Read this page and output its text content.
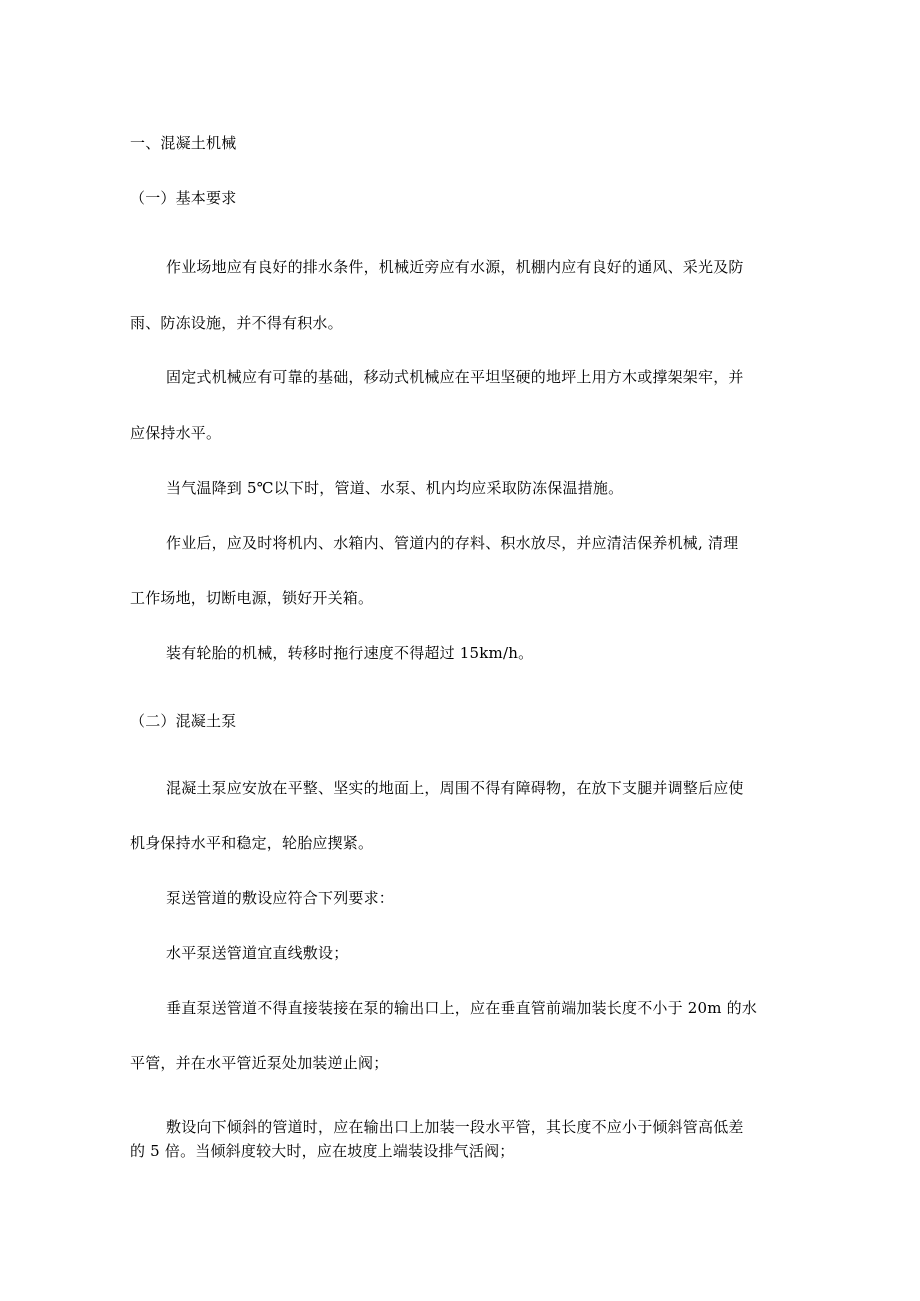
一、混凝土机械
（一）基本要求
作业场地应有良好的排水条件，机械近旁应有水源，机棚内应有良好的通风、采光及防
雨、防冻设施，并不得有积水。
固定式机械应有可靠的基础，移动式机械应在平坦坚硬的地坪上用方木或撑架架牢，并
应保持水平。
当气温降到 5℃以下时，管道、水泵、机内均应采取防冻保温措施。
作业后，应及时将机内、水箱内、管道内的存料、积水放尽，并应清洁保养机械, 清理
工作场地，切断电源，锁好开关箱。
装有轮胎的机械，转移时拖行速度不得超过 15km/h。
（二）混凝土泵
混凝土泵应安放在平整、坚实的地面上，周围不得有障碍物，在放下支腿并调整后应使
机身保持水平和稳定，轮胎应揳紧。
泵送管道的敷设应符合下列要求：
水平泵送管道宜直线敷设；
垂直泵送管道不得直接装接在泵的输出口上，应在垂直管前端加装长度不小于 20m 的水
平管，并在水平管近泵处加装逆止阀；
敷设向下倾斜的管道时，应在输出口上加装一段水平管，其长度不应小于倾斜管高低差
的 5 倍。当倾斜度较大时，应在坡度上端装设排气活阀；
